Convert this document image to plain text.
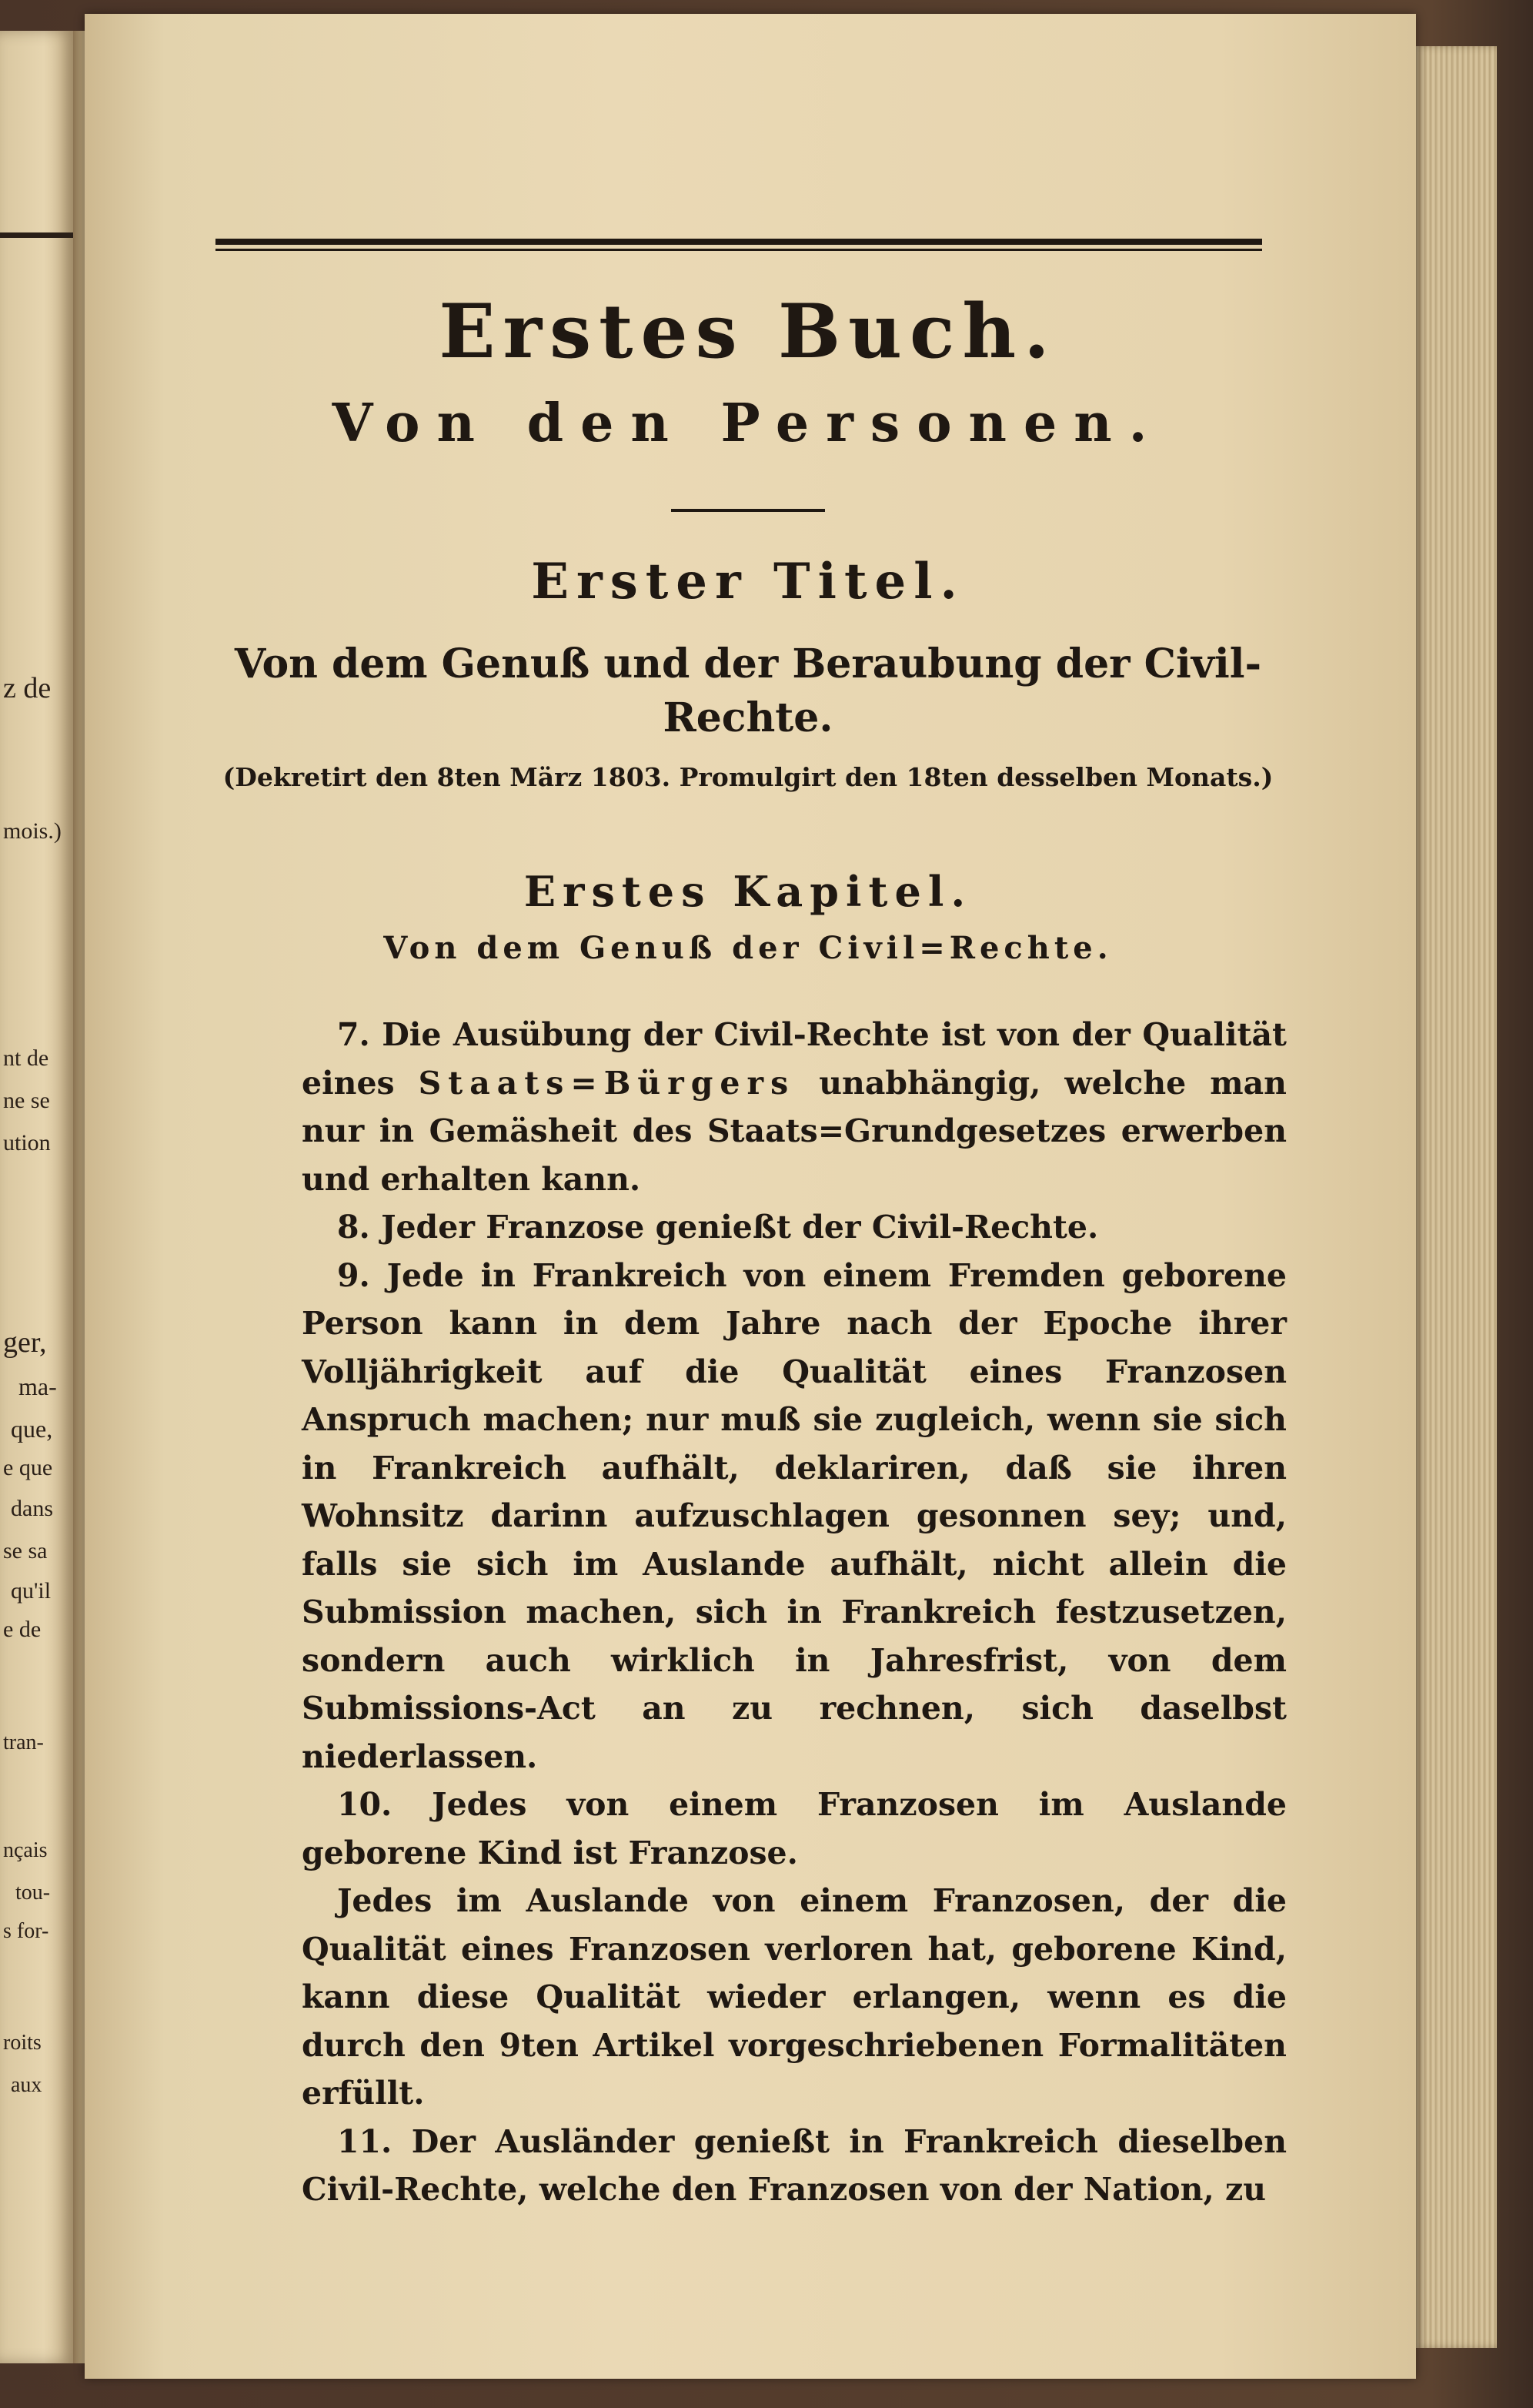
z de
mois.)
nt de
ne se
ution
ger,
ma-
que,
e que
dans
se sa
qu'il
e de
tran-
nçais
tou-
s for-
roits
aux
Erstes Buch.
Von den Personen.
Erster Titel.
Von dem Genuß und der Beraubung der Civil-Rechte.
(Dekretirt den 8ten März 1803. Promulgirt den 18ten desselben Monats.)
Erstes Kapitel.
Von dem Genuß der Civil=Rechte.

7. Die Ausübung der Civil-Rechte ist von der Qualität eines Staats=Bürgers unabhängig, welche man nur in Gemäsheit des Staats=Grundgesetzes erwerben und erhalten kann.

8. Jeder Franzose genießt der Civil-Rechte.

9. Jede in Frankreich von einem Fremden geborene Person kann in dem Jahre nach der Epoche ihrer Volljährigkeit auf die Qualität eines Franzosen Anspruch machen; nur muß sie zugleich, wenn sie sich in Frankreich aufhält, deklariren, daß sie ihren Wohnsitz darinn aufzuschlagen gesonnen sey; und, falls sie sich im Auslande aufhält, nicht allein die Submission machen, sich in Frankreich festzusetzen, sondern auch wirklich in Jahresfrist, von dem Submissions-Act an zu rechnen, sich daselbst niederlassen.

10. Jedes von einem Franzosen im Auslande geborene Kind ist Franzose.

Jedes im Auslande von einem Franzosen, der die Qualität eines Franzosen verloren hat, geborene Kind, kann diese Qualität wieder erlangen, wenn es die durch den 9ten Artikel vorgeschriebenen Formalitäten erfüllt.

11. Der Ausländer genießt in Frankreich dieselben Civil-Rechte, welche den Franzosen von der Nation, zu
